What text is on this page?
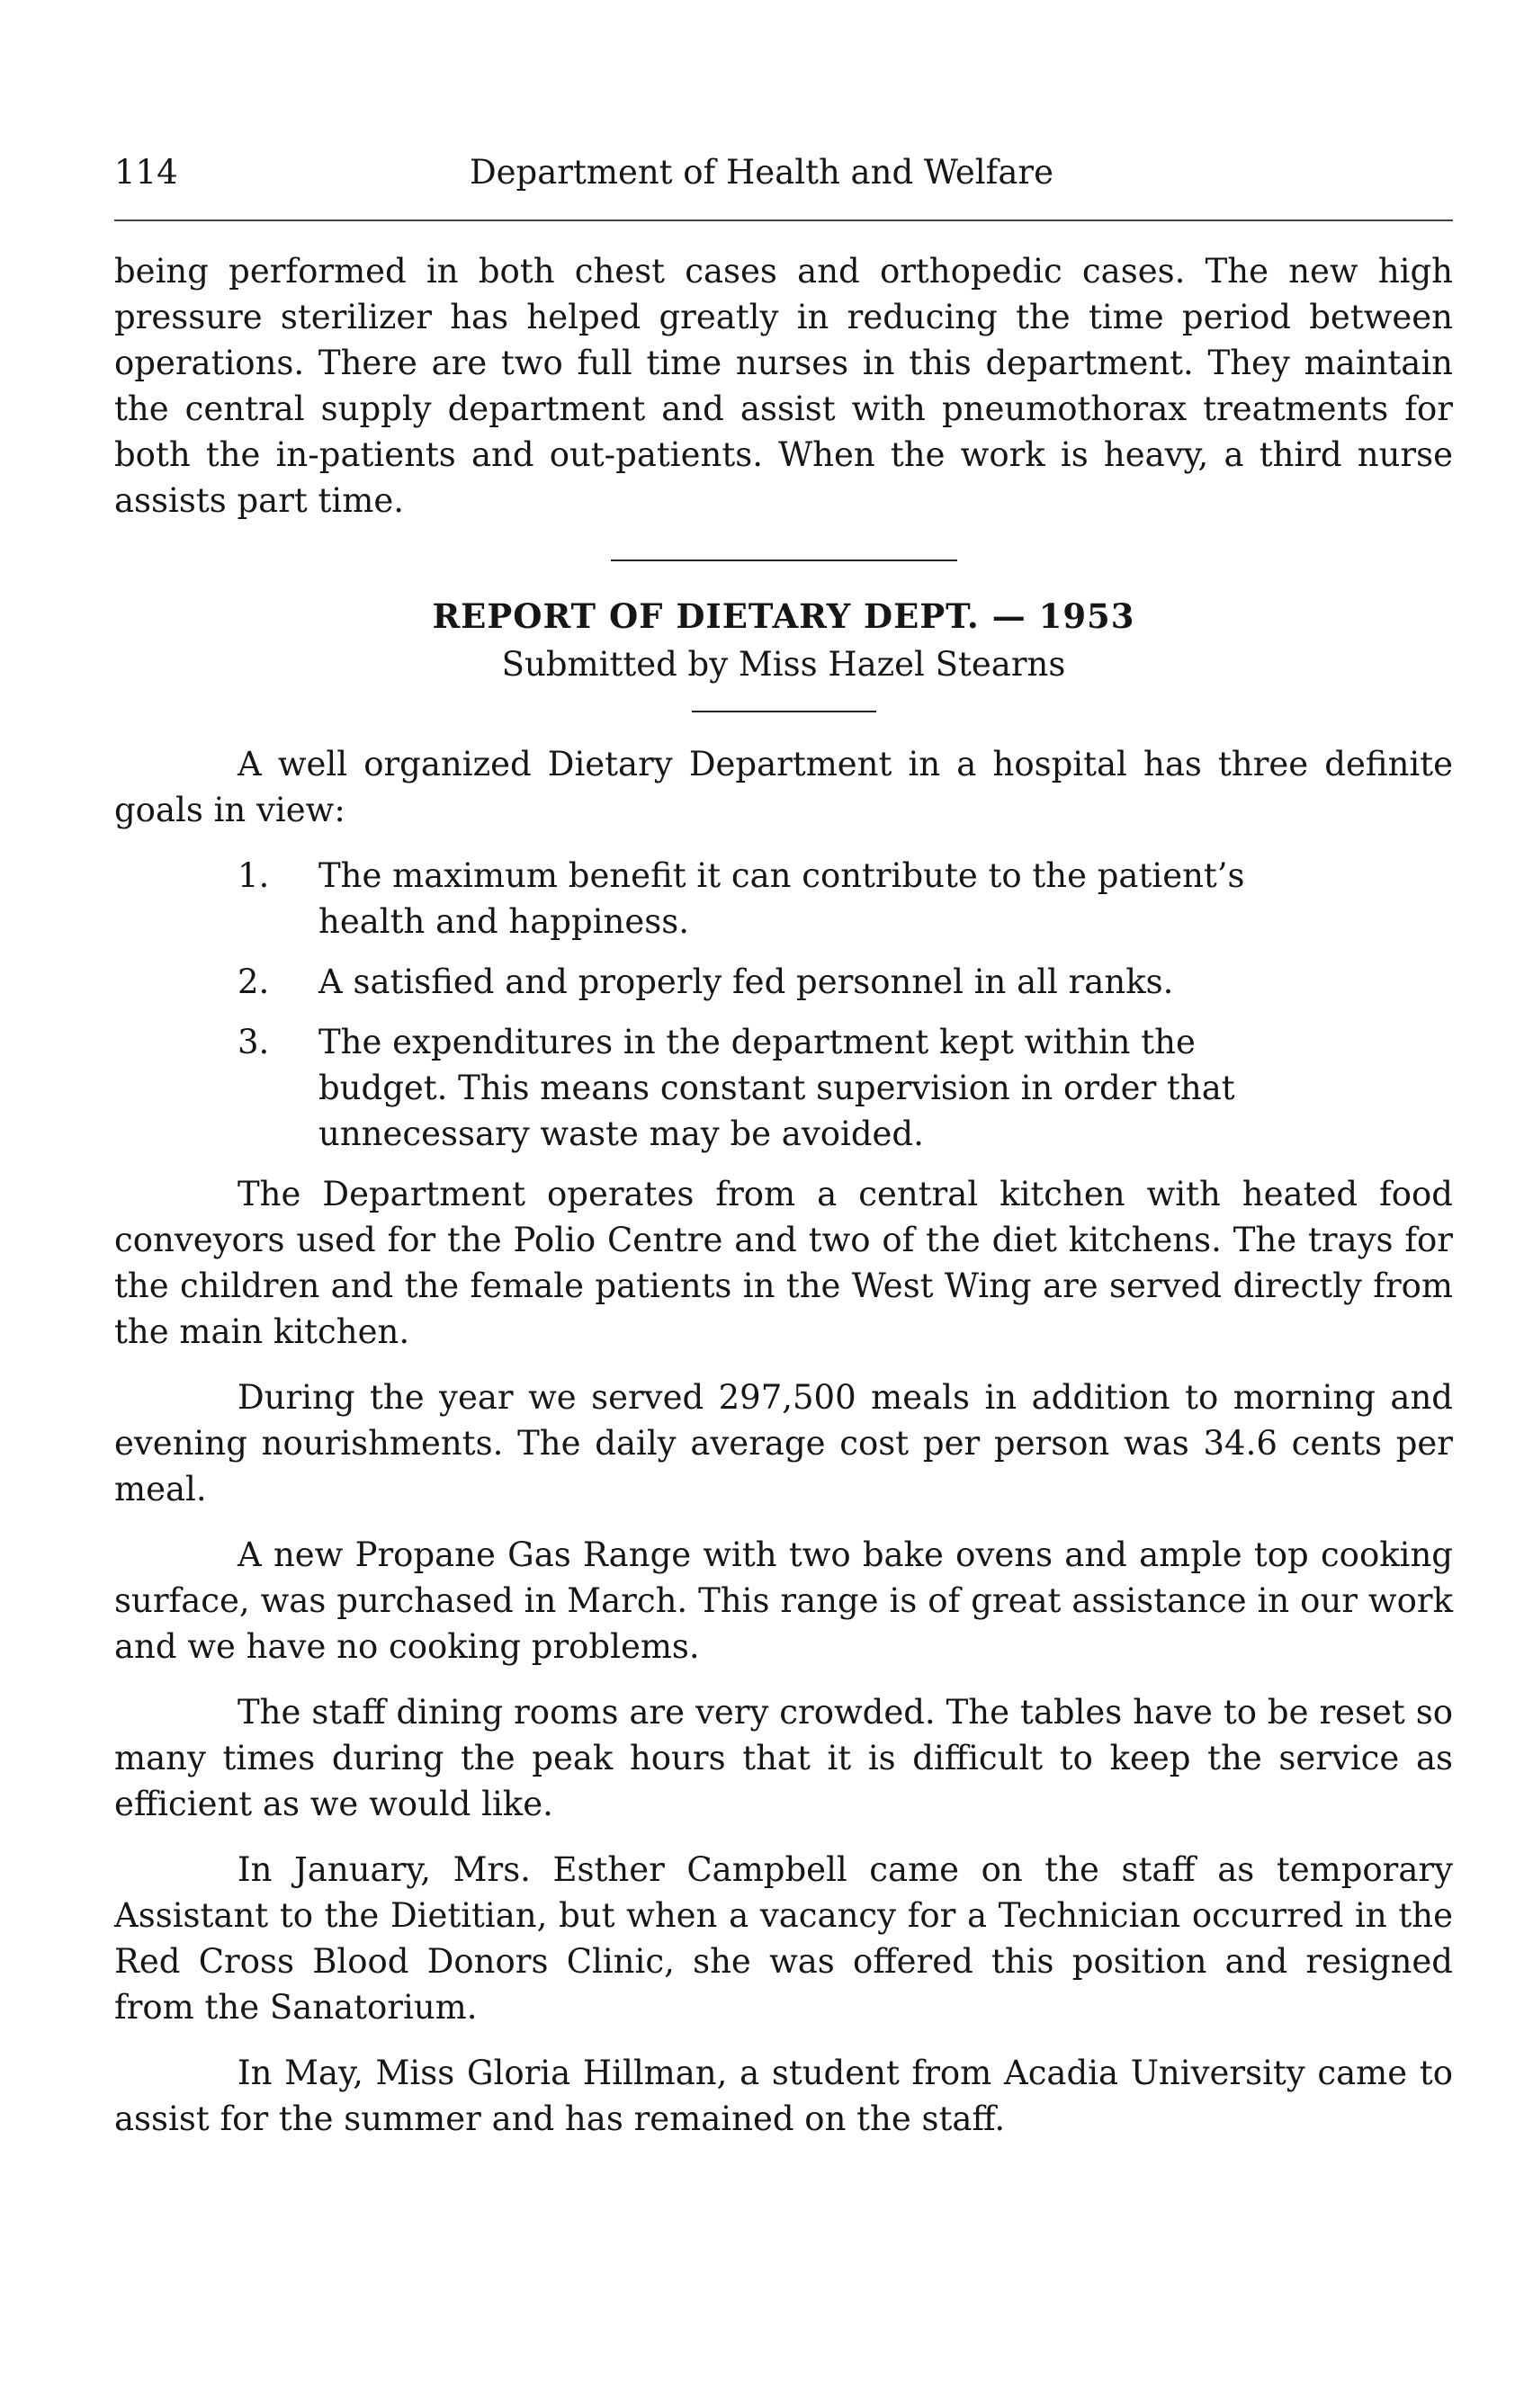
114	Department of Health and Welfare

being performed in both chest cases and orthopedic cases. The new high pressure sterilizer has helped greatly in reducing the time period between operations. There are two full time nurses in this department. They maintain the central supply department and assist with pneumothorax treatments for both the in-patients and out-patients. When the work is heavy, a third nurse assists part time.

REPORT OF DIETARY DEPT. — 1953
Submitted by Miss Hazel Stearns

A well organized Dietary Department in a hospital has three definite goals in view:

1.	The maximum benefit it can contribute to the patient’s health and happiness.
2.	A satisfied and properly fed personnel in all ranks.
3.	The expenditures in the department kept within the budget. This means constant supervision in order that unnecessary waste may be avoided.

The Department operates from a central kitchen with heated food conveyors used for the Polio Centre and two of the diet kitchens. The trays for the children and the female patients in the West Wing are served directly from the main kitchen.

During the year we served 297,500 meals in addition to morning and evening nourishments. The daily average cost per person was 34.6 cents per meal.

A new Propane Gas Range with two bake ovens and ample top cooking surface, was purchased in March. This range is of great assistance in our work and we have no cooking problems.

The staff dining rooms are very crowded. The tables have to be reset so many times during the peak hours that it is difficult to keep the service as efficient as we would like.

In January, Mrs. Esther Campbell came on the staff as temporary Assistant to the Dietitian, but when a vacancy for a Technician occurred in the Red Cross Blood Donors Clinic, she was offered this position and resigned from the Sanatorium.

In May, Miss Gloria Hillman, a student from Acadia University came to assist for the summer and has remained on the staff.
